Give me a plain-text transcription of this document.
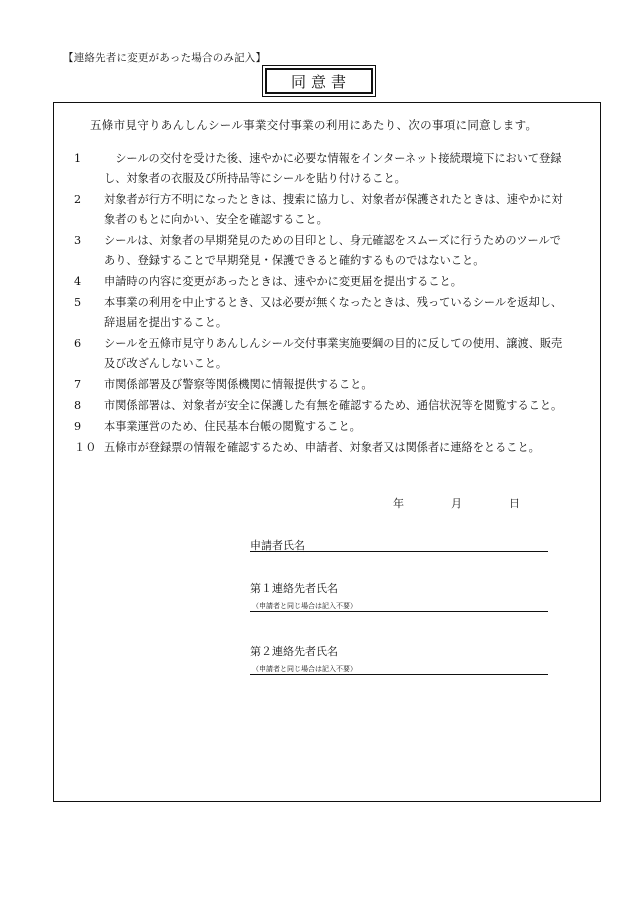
【連絡先者に変更があった場合のみ記入】
同意書
五條市見守りあんしんシール事業交付事業の利用にあたり、次の事項に同意します。
1	　シールの交付を受けた後、速やかに必要な情報をインターネット接続環境下において登録
し、対象者の衣服及び所持品等にシールを貼り付けること。
2	対象者が行方不明になったときは、捜索に協力し、対象者が保護されたときは、速やかに対
象者のもとに向かい、安全を確認すること。
3	シールは、対象者の早期発見のための目印とし、身元確認をスムーズに行うためのツールで
あり、登録することで早期発見・保護できると確約するものではないこと。
4	申請時の内容に変更があったときは、速やかに変更届を提出すること。
5	本事業の利用を中止するとき、又は必要が無くなったときは、残っているシールを返却し、
辞退届を提出すること。
6	シールを五條市見守りあんしんシール交付事業実施要綱の目的に反しての使用、譲渡、販売
及び改ざんしないこと。
7	市関係部署及び警察等関係機関に情報提供すること。
8	市関係部署は、対象者が安全に保護した有無を確認するため、通信状況等を閲覧すること。
9	本事業運営のため、住民基本台帳の閲覧すること。
１０ 五條市が登録票の情報を確認するため、申請者、対象者又は関係者に連絡をとること。
年	月	日
申請者氏名
第１連絡先者氏名
（申請者と同じ場合は記入不要）
第２連絡先者氏名
（申請者と同じ場合は記入不要）
